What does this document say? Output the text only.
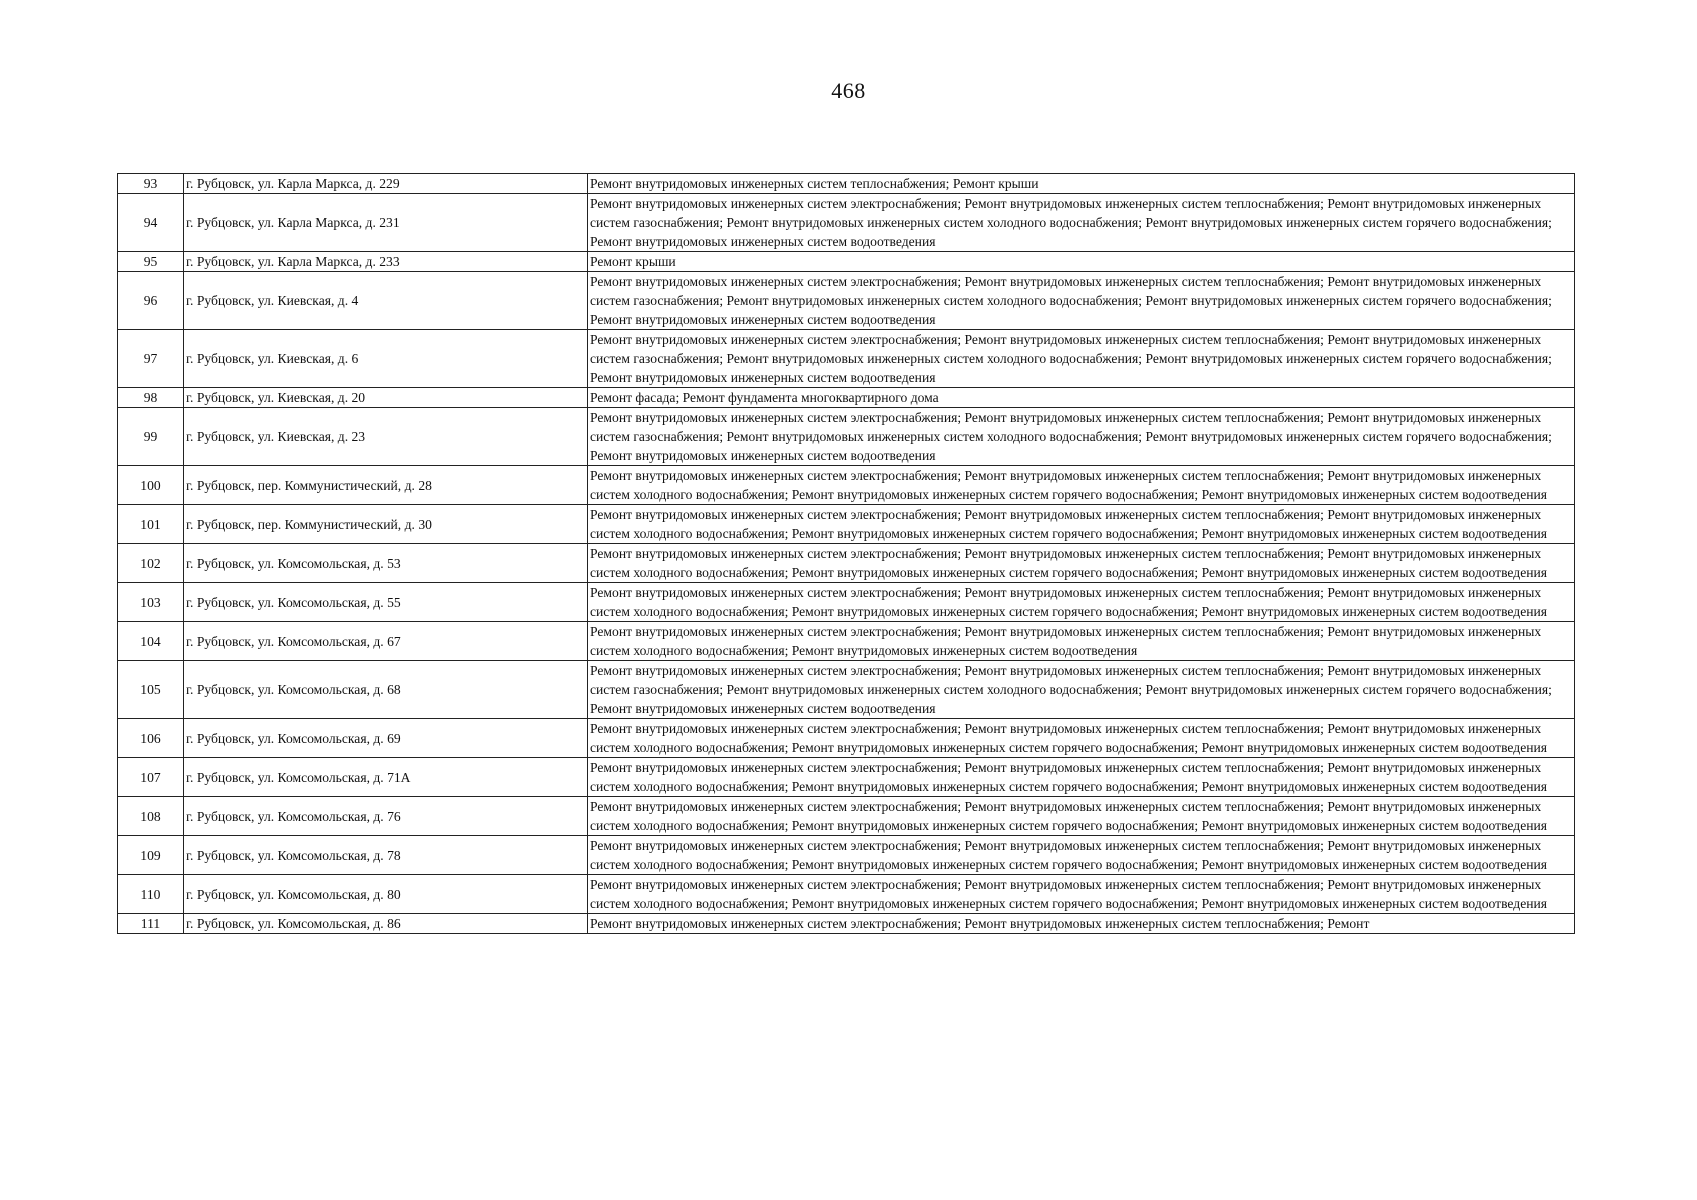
468
93	г. Рубцовск, ул. Карла Маркса, д. 229	Ремонт внутридомовых инженерных систем теплоснабжения; Ремонт крыши
94	г. Рубцовск, ул. Карла Маркса, д. 231	Ремонт внутридомовых инженерных систем электроснабжения; Ремонт внутридомовых инженерных систем теплоснабжения; Ремонт внутридомовых инженерных систем газоснабжения; Ремонт внутридомовых инженерных систем холодного водоснабжения; Ремонт внутридомовых инженерных систем горячего водоснабжения; Ремонт внутридомовых инженерных систем водоотведения
95	г. Рубцовск, ул. Карла Маркса, д. 233	Ремонт крыши
96	г. Рубцовск, ул. Киевская, д. 4	Ремонт внутридомовых инженерных систем электроснабжения; Ремонт внутридомовых инженерных систем теплоснабжения; Ремонт внутридомовых инженерных систем газоснабжения; Ремонт внутридомовых инженерных систем холодного водоснабжения; Ремонт внутридомовых инженерных систем горячего водоснабжения; Ремонт внутридомовых инженерных систем водоотведения
97	г. Рубцовск, ул. Киевская, д. 6	Ремонт внутридомовых инженерных систем электроснабжения; Ремонт внутридомовых инженерных систем теплоснабжения; Ремонт внутридомовых инженерных систем газоснабжения; Ремонт внутридомовых инженерных систем холодного водоснабжения; Ремонт внутридомовых инженерных систем горячего водоснабжения; Ремонт внутридомовых инженерных систем водоотведения
98	г. Рубцовск, ул. Киевская, д. 20	Ремонт фасада; Ремонт фундамента многоквартирного дома
99	г. Рубцовск, ул. Киевская, д. 23	Ремонт внутридомовых инженерных систем электроснабжения; Ремонт внутридомовых инженерных систем теплоснабжения; Ремонт внутридомовых инженерных систем газоснабжения; Ремонт внутридомовых инженерных систем холодного водоснабжения; Ремонт внутридомовых инженерных систем горячего водоснабжения; Ремонт внутридомовых инженерных систем водоотведения
100	г. Рубцовск, пер. Коммунистический, д. 28	Ремонт внутридомовых инженерных систем электроснабжения; Ремонт внутридомовых инженерных систем теплоснабжения; Ремонт внутридомовых инженерных систем холодного водоснабжения; Ремонт внутридомовых инженерных систем горячего водоснабжения; Ремонт внутридомовых инженерных систем водоотведения
101	г. Рубцовск, пер. Коммунистический, д. 30	Ремонт внутридомовых инженерных систем электроснабжения; Ремонт внутридомовых инженерных систем теплоснабжения; Ремонт внутридомовых инженерных систем холодного водоснабжения; Ремонт внутридомовых инженерных систем горячего водоснабжения; Ремонт внутридомовых инженерных систем водоотведения
102	г. Рубцовск, ул. Комсомольская, д. 53	Ремонт внутридомовых инженерных систем электроснабжения; Ремонт внутридомовых инженерных систем теплоснабжения; Ремонт внутридомовых инженерных систем холодного водоснабжения; Ремонт внутридомовых инженерных систем горячего водоснабжения; Ремонт внутридомовых инженерных систем водоотведения
103	г. Рубцовск, ул. Комсомольская, д. 55	Ремонт внутридомовых инженерных систем электроснабжения; Ремонт внутридомовых инженерных систем теплоснабжения; Ремонт внутридомовых инженерных систем холодного водоснабжения; Ремонт внутридомовых инженерных систем горячего водоснабжения; Ремонт внутридомовых инженерных систем водоотведения
104	г. Рубцовск, ул. Комсомольская, д. 67	Ремонт внутридомовых инженерных систем электроснабжения; Ремонт внутридомовых инженерных систем теплоснабжения; Ремонт внутридомовых инженерных систем холодного водоснабжения; Ремонт внутридомовых инженерных систем водоотведения
105	г. Рубцовск, ул. Комсомольская, д. 68	Ремонт внутридомовых инженерных систем электроснабжения; Ремонт внутридомовых инженерных систем теплоснабжения; Ремонт внутридомовых инженерных систем газоснабжения; Ремонт внутридомовых инженерных систем холодного водоснабжения; Ремонт внутридомовых инженерных систем горячего водоснабжения; Ремонт внутридомовых инженерных систем водоотведения
106	г. Рубцовск, ул. Комсомольская, д. 69	Ремонт внутридомовых инженерных систем электроснабжения; Ремонт внутридомовых инженерных систем теплоснабжения; Ремонт внутридомовых инженерных систем холодного водоснабжения; Ремонт внутридомовых инженерных систем горячего водоснабжения; Ремонт внутридомовых инженерных систем водоотведения
107	г. Рубцовск, ул. Комсомольская, д. 71А	Ремонт внутридомовых инженерных систем электроснабжения; Ремонт внутридомовых инженерных систем теплоснабжения; Ремонт внутридомовых инженерных систем холодного водоснабжения; Ремонт внутридомовых инженерных систем горячего водоснабжения; Ремонт внутридомовых инженерных систем водоотведения
108	г. Рубцовск, ул. Комсомольская, д. 76	Ремонт внутридомовых инженерных систем электроснабжения; Ремонт внутридомовых инженерных систем теплоснабжения; Ремонт внутридомовых инженерных систем холодного водоснабжения; Ремонт внутридомовых инженерных систем горячего водоснабжения; Ремонт внутридомовых инженерных систем водоотведения
109	г. Рубцовск, ул. Комсомольская, д. 78	Ремонт внутридомовых инженерных систем электроснабжения; Ремонт внутридомовых инженерных систем теплоснабжения; Ремонт внутридомовых инженерных систем холодного водоснабжения; Ремонт внутридомовых инженерных систем горячего водоснабжения; Ремонт внутридомовых инженерных систем водоотведения
110	г. Рубцовск, ул. Комсомольская, д. 80	Ремонт внутридомовых инженерных систем электроснабжения; Ремонт внутридомовых инженерных систем теплоснабжения; Ремонт внутридомовых инженерных систем холодного водоснабжения; Ремонт внутридомовых инженерных систем горячего водоснабжения; Ремонт внутридомовых инженерных систем водоотведения
111	г. Рубцовск, ул. Комсомольская, д. 86	Ремонт внутридомовых инженерных систем электроснабжения; Ремонт внутридомовых инженерных систем теплоснабжения; Ремонт
